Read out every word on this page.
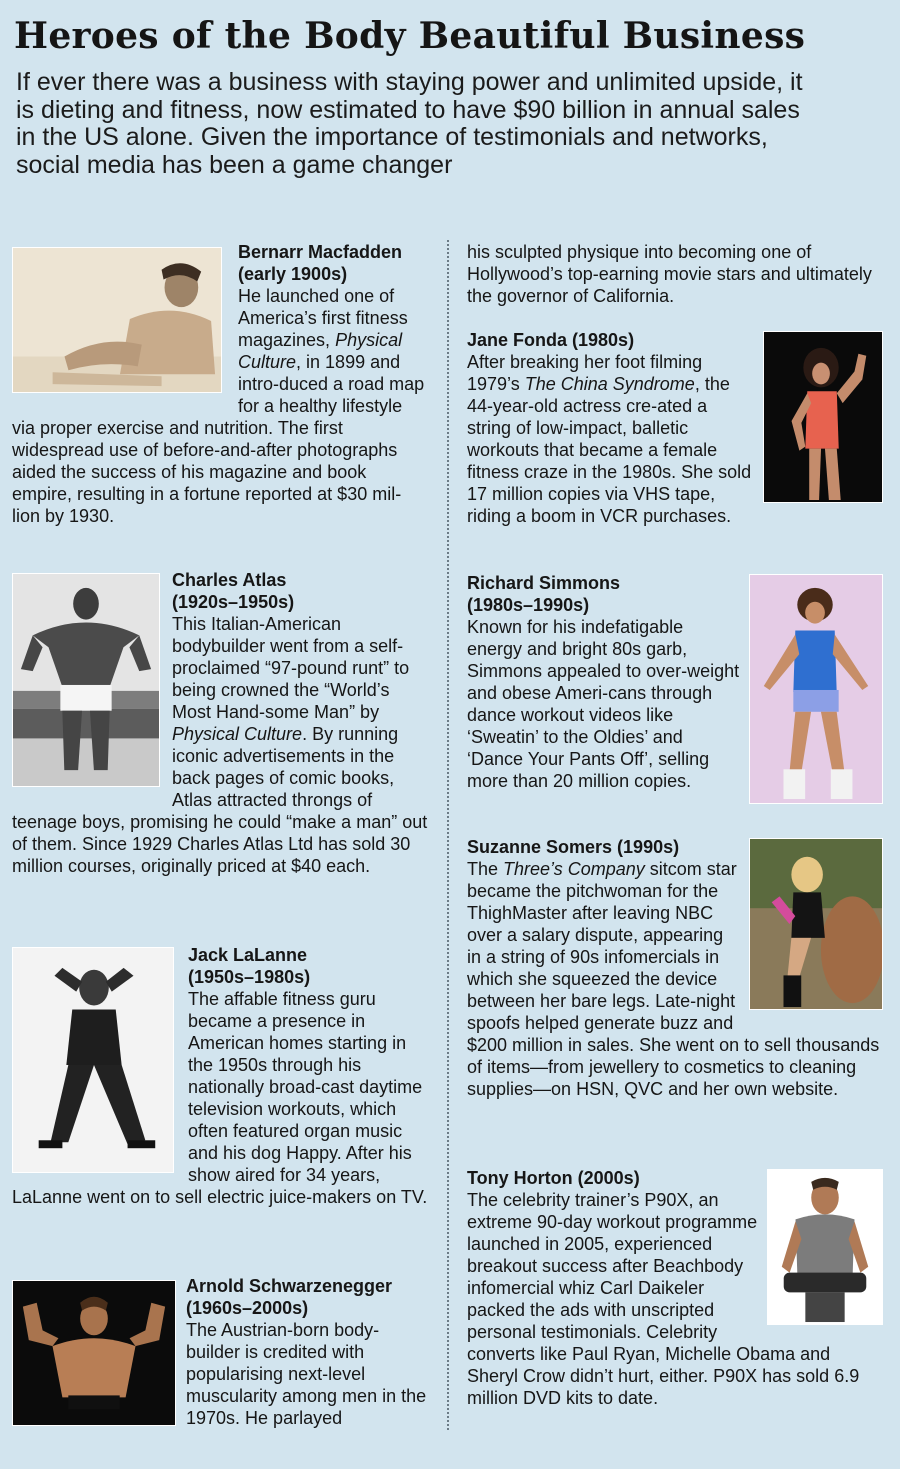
Heroes of the Body Beautiful Business
If ever there was a business with staying power and unlimited upside, it is dieting and fitness, now estimated to have $90 billion in annual sales in the US alone. Given the importance of testimonials and networks, social media has been a game changer
Bernarr Macfadden
(early 1900s)
He launched one of America’s first fitness magazines, Physical Culture, in 1899 and intro-duced a road map for a healthy lifestyle via proper exercise and nutrition. The first widespread use of before-and-after photographs aided the success of his magazine and book empire, resulting in a fortune reported at $30 mil-lion by 1930.
Charles Atlas
(1920s–1950s)
This Italian-American bodybuilder went from a self-proclaimed “97-pound runt” to being crowned the “World’s Most Hand-some Man” by Physical Culture. By running iconic advertisements in the back pages of comic books, Atlas attracted throngs of teenage boys, promising he could “make a man” out of them. Since 1929 Charles Atlas Ltd has sold 30 million courses, originally priced at $40 each.
Jack LaLanne
(1950s–1980s)
The affable fitness guru became a presence in American homes starting in the 1950s through his nationally broad-cast daytime television workouts, which often featured organ music and his dog Happy. After his show aired for 34 years, LaLanne went on to sell electric juice-makers on TV.
Arnold Schwarzenegger
(1960s–2000s)
The Austrian-born body-builder is credited with popularising next-level muscularity among men in the 1970s. He parlayed
his sculpted physique into becoming one of Hollywood’s top-earning movie stars and ultimately the governor of California.
Jane Fonda (1980s)
After breaking her foot filming 1979’s The China Syndrome, the 44-year-old actress cre-ated a string of low-impact, balletic workouts that became a female fitness craze in the 1980s. She sold 17 million copies via VHS tape, riding a boom in VCR purchases.
Richard Simmons
(1980s–1990s)
Known for his indefatigable energy and bright 80s garb, Simmons appealed to over-weight and obese Ameri-cans through dance workout videos like ‘Sweatin’ to the Oldies’ and ‘Dance Your Pants Off’, selling more than 20 million copies.
Suzanne Somers (1990s)
The Three’s Company sitcom star became the pitchwoman for the ThighMaster after leaving NBC over a salary dispute, appearing in a string of 90s infomercials in which she squeezed the device between her bare legs. Late-night spoofs helped generate buzz and $200 million in sales. She went on to sell thousands of items—from jewellery to cosmetics to cleaning supplies—on HSN, QVC and her own website.
Tony Horton (2000s)
The celebrity trainer’s P90X, an extreme 90-day workout programme launched in 2005, experienced breakout success after Beachbody infomercial whiz Carl Daikeler packed the ads with unscripted personal testimonials. Celebrity converts like Paul Ryan, Michelle Obama and Sheryl Crow didn’t hurt, either. P90X has sold 6.9 million DVD kits to date.
